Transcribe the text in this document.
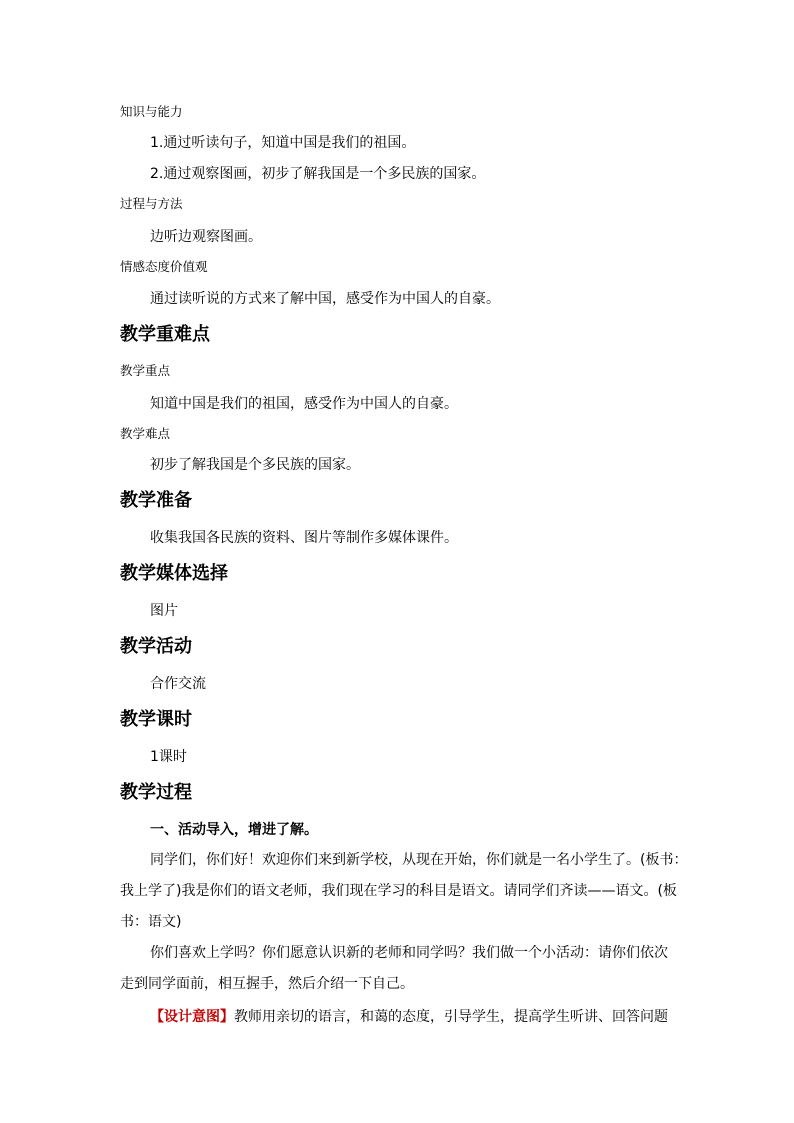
知识与能力
1.通过听读句子，知道中国是我们的祖国。
2.通过观察图画，初步了解我国是一个多民族的国家。
过程与方法
边听边观察图画。
情感态度价值观
通过读听说的方式来了解中国，感受作为中国人的自豪。
教学重难点
教学重点
知道中国是我们的祖国，感受作为中国人的自豪。
教学难点
初步了解我国是个多民族的国家。
教学准备
收集我国各民族的资料、图片等制作多媒体课件。
教学媒体选择
图片
教学活动
合作交流
教学课时
1课时
教学过程
一、活动导入，增进了解。
同学们，你们好！欢迎你们来到新学校，从现在开始，你们就是一名小学生了。(板书：
我上学了)我是你们的语文老师，我们现在学习的科目是语文。请同学们齐读——语文。(板
书：语文)
你们喜欢上学吗？你们愿意认识新的老师和同学吗？我们做一个小活动：请你们依次
走到同学面前，相互握手，然后介绍一下自己。
【设计意图】教师用亲切的语言，和蔼的态度，引导学生，提高学生听讲、回答问题
